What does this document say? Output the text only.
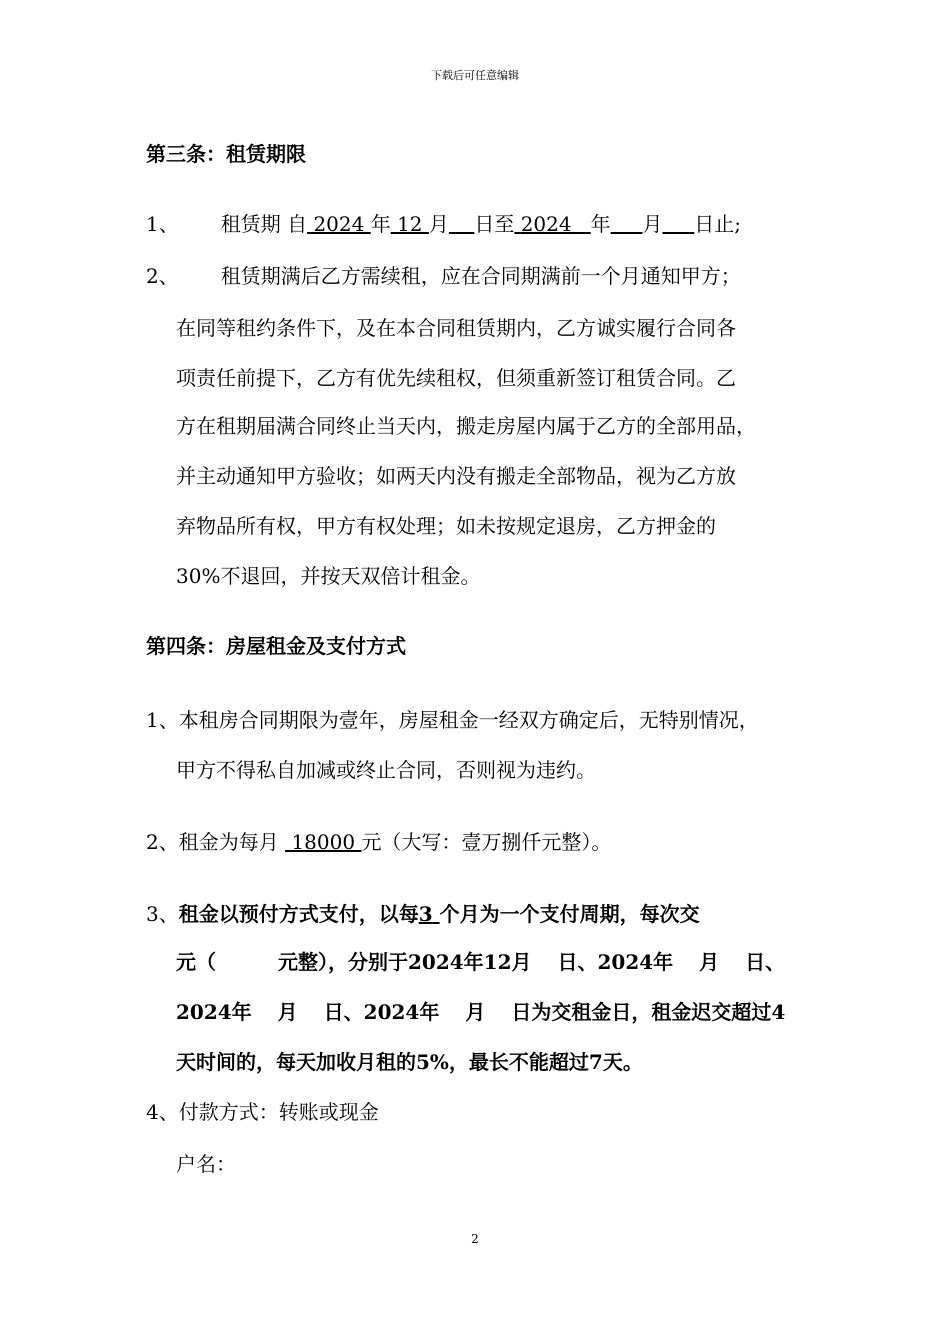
下载后可任意编辑
第三条：租赁期限
1、 租赁期 自 2024 年 12 月 日至 2024 年 月 日止;
2、 租赁期满后乙方需续租，应在合同期满前一个月通知甲方；
在同等租约条件下，及在本合同租赁期内，乙方诚实履行合同各
项责任前提下，乙方有优先续租权，但须重新签订租赁合同。乙
方在租期届满合同终止当天内，搬走房屋内属于乙方的全部用品，
并主动通知甲方验收；如两天内没有搬走全部物品，视为乙方放
弃物品所有权，甲方有权处理；如未按规定退房，乙方押金的
30%不退回，并按天双倍计租金。
第四条：房屋租金及支付方式
1、本租房合同期限为壹年，房屋租金一经双方确定后，无特别情况，
甲方不得私自加减或终止合同，否则视为违约。
2、租金为每月 18000 元（大写：壹万捌仟元整）。
3、租金以预付方式支付，以每3 个月为一个支付周期，每次交
元（	元整），分别于2024年12月 日、2024年 月 日、
2024年 月 日、2024年 月 日为交租金日，租金迟交超过4
天时间的，每天加收月租的5%，最长不能超过7天。
4、付款方式：转账或现金
户名：
2
